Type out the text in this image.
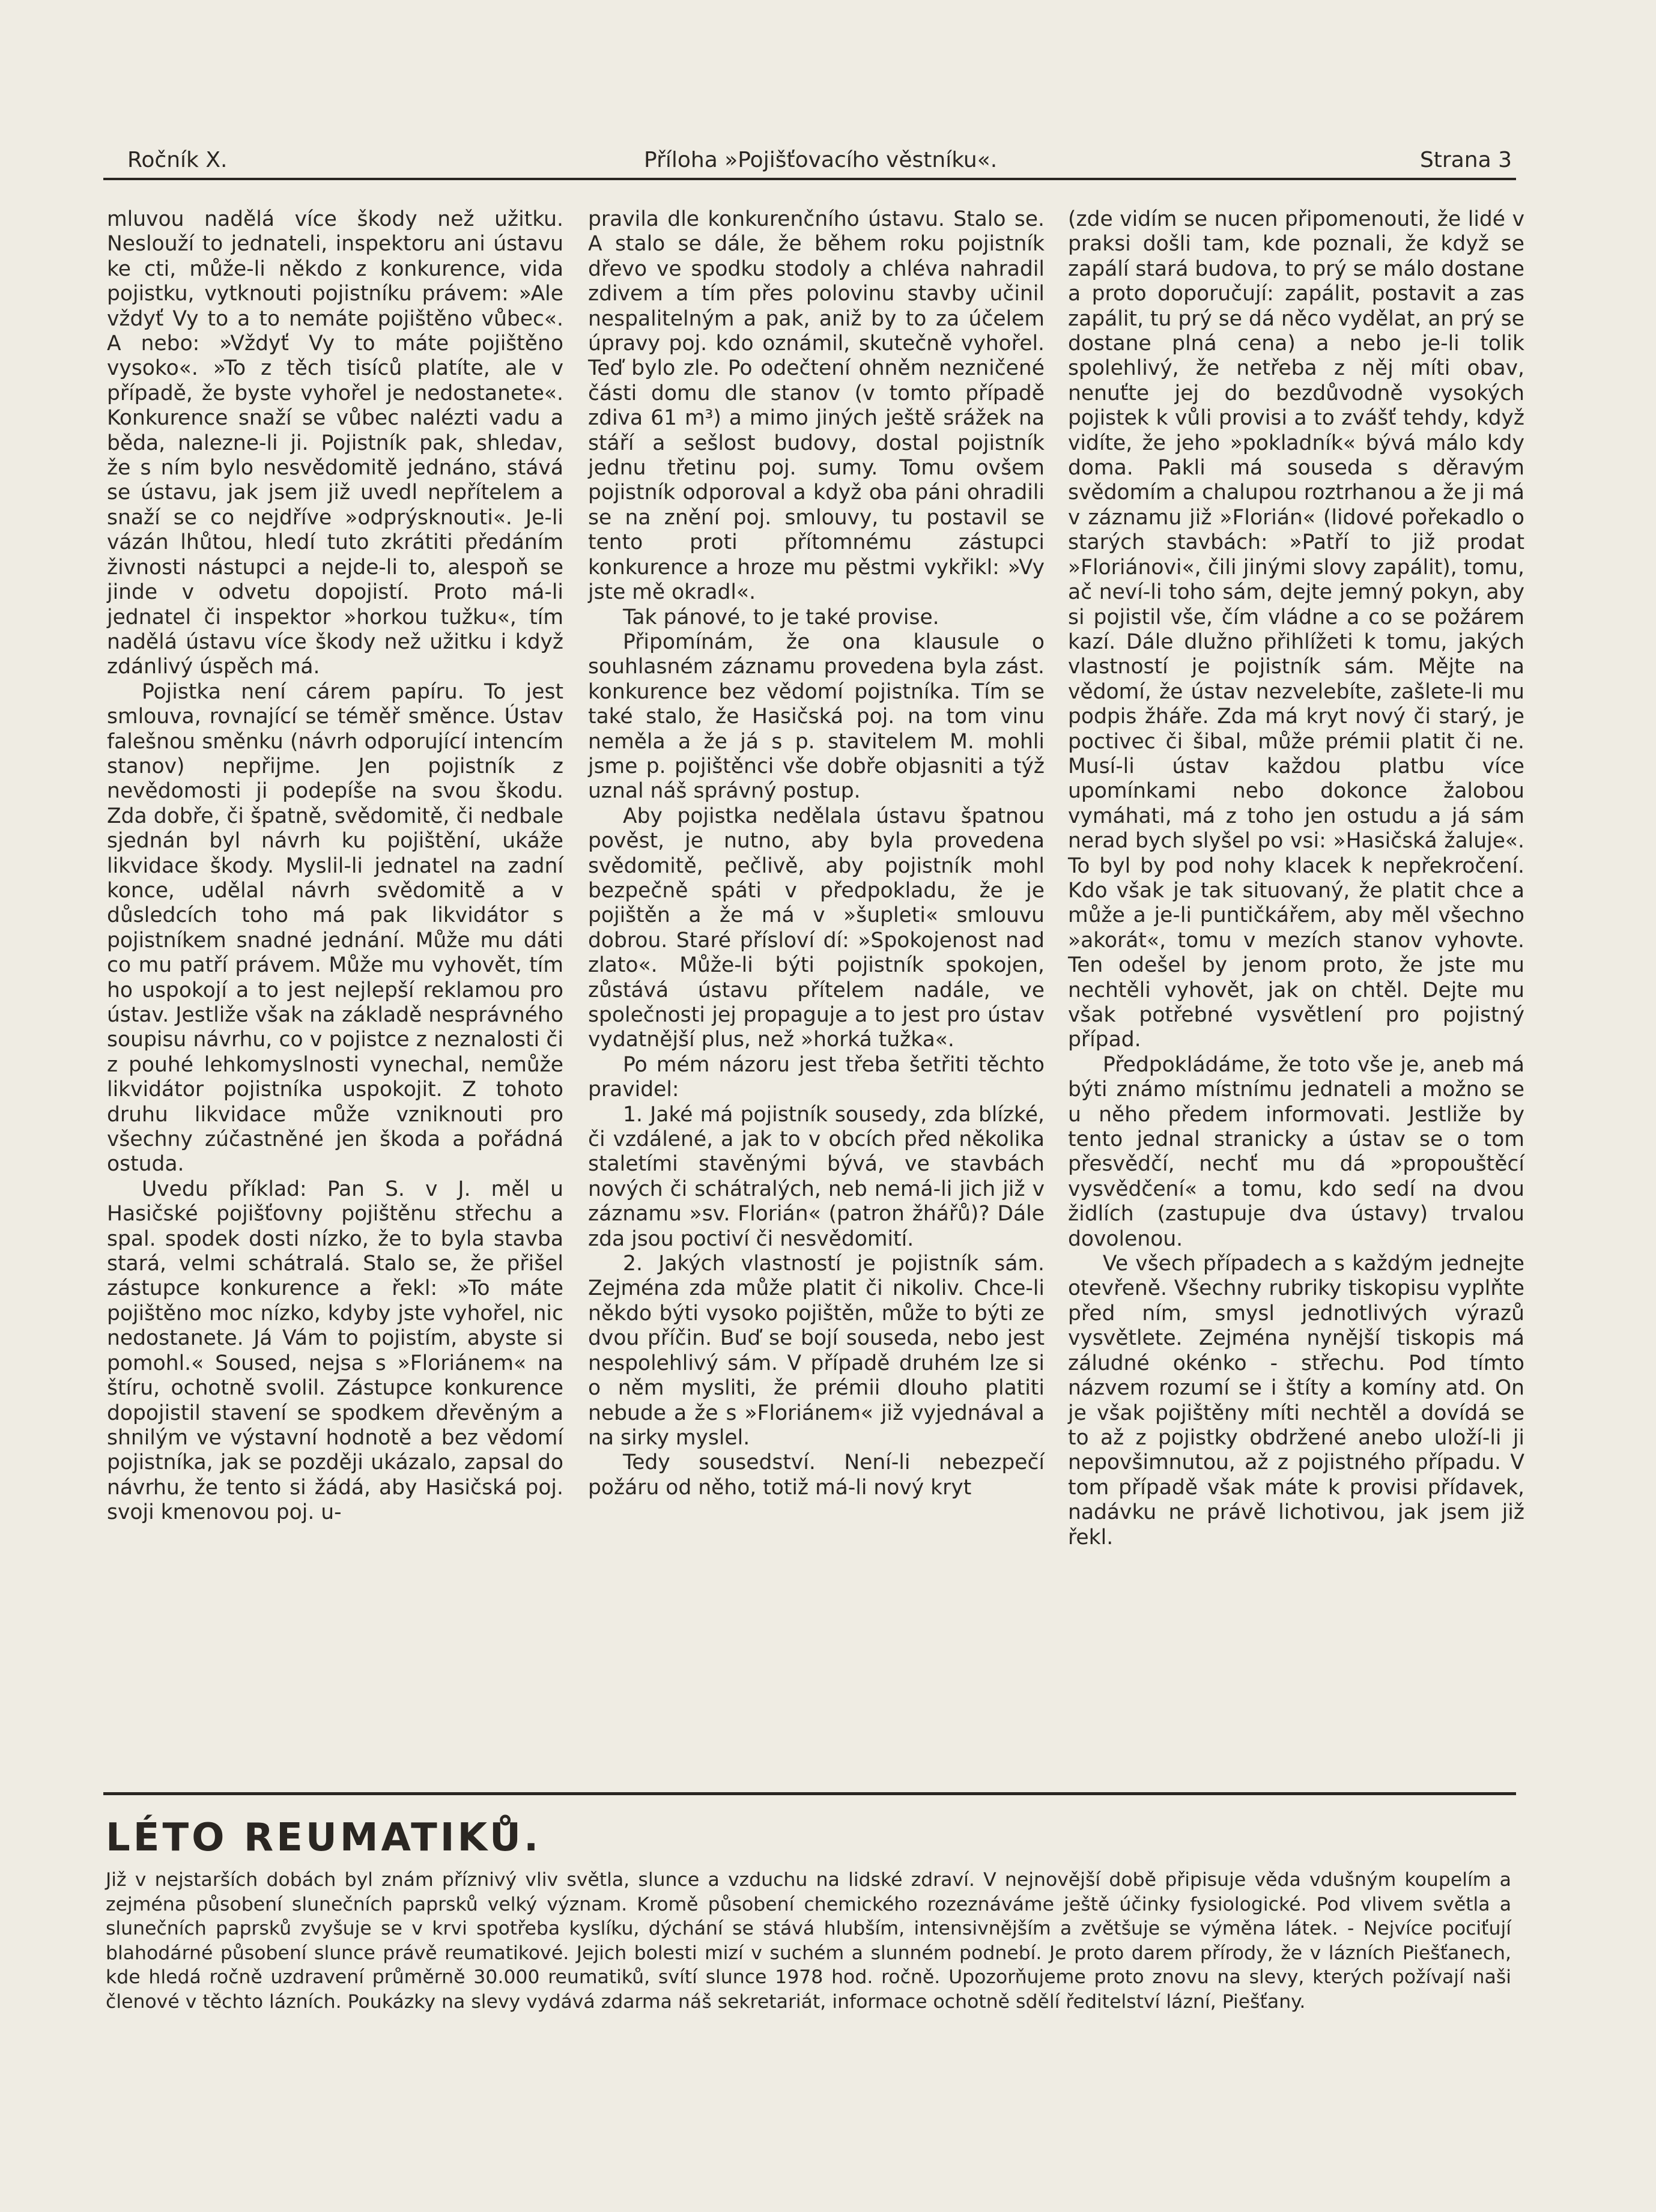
Ročník X.	Příloha »Pojišťovacího věstníku«.	Strana 3

mluvou nadělá více škody než užitku. Neslouží to jednateli, inspektoru ani ústavu ke cti, může-li někdo z konkurence, vida pojistku, vytknouti pojistníku právem: »Ale vždyť Vy to a to nemáte pojištěno vůbec«. A nebo: »Vždyť Vy to máte pojištěno vysoko«. »To z těch tisíců platíte, ale v případě, že byste vyhořel je nedostanete«. Konkurence snaží se vůbec nalézti vadu a běda, nalezne-li ji. Pojistník pak, shledav, že s ním bylo nesvědomitě jednáno, stává se ústavu, jak jsem již uvedl nepřítelem a snaží se co nejdříve »odprýsknouti«. Je-li vázán lhůtou, hledí tuto zkrátiti předáním živnosti nástupci a nejde-li to, alespoň se jinde v odvetu dopojistí. Proto má-li jednatel či inspektor »horkou tužku«, tím nadělá ústavu více škody než užitku i když zdánlivý úspěch má.

Pojistka není cárem papíru. To jest smlouva, rovnající se téměř směnce. Ústav falešnou směnku (návrh odporující intencím stanov) nepřijme. Jen pojistník z nevědomosti ji podepíše na svou škodu. Zda dobře, či špatně, svědomitě, či nedbale sjednán byl návrh ku pojištění, ukáže likvidace škody. Myslil-li jednatel na zadní konce, udělal návrh svědomitě a v důsledcích toho má pak likvidátor s pojistníkem snadné jednání. Může mu dáti co mu patří právem. Může mu vyhovět, tím ho uspokojí a to jest nejlepší reklamou pro ústav. Jestliže však na základě nesprávného soupisu návrhu, co v pojistce z neznalosti či z pouhé lehkomyslnosti vynechal, nemůže likvidátor pojistníka uspokojit. Z tohoto druhu likvidace může vzniknouti pro všechny zúčastněné jen škoda a pořádná ostuda.

Uvedu příklad: Pan S. v J. měl u Hasičské pojišťovny pojištěnu střechu a spal. spodek dosti nízko, že to byla stavba stará, velmi schátralá. Stalo se, že přišel zástupce konkurence a řekl: »To máte pojištěno moc nízko, kdyby jste vyhořel, nic nedostanete. Já Vám to pojistím, abyste si pomohl.« Soused, nejsa s »Floriánem« na štíru, ochotně svolil. Zástupce konkurence dopojistil stavení se spodkem dřevěným a shnilým ve výstavní hodnotě a bez vědomí pojistníka, jak se později ukázalo, zapsal do návrhu, že tento si žádá, aby Hasičská poj. svoji kmenovou poj. u-

pravila dle konkurenčního ústavu. Stalo se. A stalo se dále, že během roku pojistník dřevo ve spodku stodoly a chléva nahradil zdivem a tím přes polovinu stavby učinil nespalitelným a pak, aniž by to za účelem úpravy poj. kdo oznámil, skutečně vyhořel. Teď bylo zle. Po odečtení ohněm nezničené části domu dle stanov (v tomto případě zdiva 61 m³) a mimo jiných ještě srážek na stáří a sešlost budovy, dostal pojistník jednu třetinu poj. sumy. Tomu ovšem pojistník odporoval a když oba páni ohradili se na znění poj. smlouvy, tu postavil se tento proti přítomnému zástupci konkurence a hroze mu pěstmi vykřikl: »Vy jste mě okradl«.

Tak pánové, to je také provise.

Připomínám, že ona klausule o souhlasném záznamu provedena byla zást. konkurence bez vědomí pojistníka. Tím se také stalo, že Hasičská poj. na tom vinu neměla a že já s p. stavitelem M. mohli jsme p. pojištěnci vše dobře objasniti a týž uznal náš správný postup.

Aby pojistka nedělala ústavu špatnou pověst, je nutno, aby byla provedena svědomitě, pečlivě, aby pojistník mohl bezpečně spáti v předpokladu, že je pojištěn a že má v »šupleti« smlouvu dobrou. Staré přísloví dí: »Spokojenost nad zlato«. Může-li býti pojistník spokojen, zůstává ústavu přítelem nadále, ve společnosti jej propaguje a to jest pro ústav vydatnější plus, než »horká tužka«.

Po mém názoru jest třeba šetřiti těchto pravidel:

1. Jaké má pojistník sousedy, zda blízké, či vzdálené, a jak to v obcích před několika staletími stavěnými bývá, ve stavbách nových či schátralých, neb nemá-li jich již v záznamu »sv. Florián« (patron žhářů)? Dále zda jsou poctiví či nesvědomití.

2. Jakých vlastností je pojistník sám. Zejména zda může platit či nikoliv. Chce-li někdo býti vysoko pojištěn, může to býti ze dvou příčin. Buď se bojí souseda, nebo jest nespolehlivý sám. V případě druhém lze si o něm mysliti, že prémii dlouho platiti nebude a že s »Floriánem« již vyjednával a na sirky myslel.

Tedy sousedství. Není-li nebezpečí požáru od něho, totiž má-li nový kryt

(zde vidím se nucen připomenouti, že lidé v praksi došli tam, kde poznali, že když se zapálí stará budova, to prý se málo dostane a proto doporučují: zapálit, postavit a zas zapálit, tu prý se dá něco vydělat, an prý se dostane plná cena) a nebo je-li tolik spolehlivý, že netřeba z něj míti obav, nenuťte jej do bezdůvodně vysokých pojistek k vůli provisi a to zvášť tehdy, když vidíte, že jeho »pokladník« bývá málo kdy doma. Pakli má souseda s děravým svědomím a chalupou roztrhanou a že ji má v záznamu již »Florián« (lidové pořekadlo o starých stavbách: »Patří to již prodat »Floriánovi«, čili jinými slovy zapálit), tomu, ač neví-li toho sám, dejte jemný pokyn, aby si pojistil vše, čím vládne a co se požárem kazí. Dále dlužno přihlížeti k tomu, jakých vlastností je pojistník sám. Mějte na vědomí, že ústav nezvelebíte, zašlete-li mu podpis žháře. Zda má kryt nový či starý, je poctivec či šibal, může prémii platit či ne. Musí-li ústav každou platbu více upomínkami nebo dokonce žalobou vymáhati, má z toho jen ostudu a já sám nerad bych slyšel po vsi: »Hasičská žaluje«. To byl by pod nohy klacek k nepřekročení. Kdo však je tak situovaný, že platit chce a může a je-li puntičkářem, aby měl všechno »akorát«, tomu v mezích stanov vyhovte. Ten odešel by jenom proto, že jste mu nechtěli vyhovět, jak on chtěl. Dejte mu však potřebné vysvětlení pro pojistný případ.

Předpokládáme, že toto vše je, aneb má býti známo místnímu jednateli a možno se u něho předem informovati. Jestliže by tento jednal stranicky a ústav se o tom přesvědčí, nechť mu dá »propouštěcí vysvědčení« a tomu, kdo sedí na dvou židlích (zastupuje dva ústavy) trvalou dovolenou.

Ve všech případech a s každým jednejte otevřeně. Všechny rubriky tiskopisu vyplňte před ním, smysl jednotlivých výrazů vysvětlete. Zejména nynější tiskopis má záludné okénko - střechu. Pod tímto názvem rozumí se i štíty a komíny atd. On je však pojištěny míti nechtěl a dovídá se to až z pojistky obdržené anebo uloží-li ji nepovšimnutou, až z pojistného případu. V tom případě však máte k provisi přídavek, nadávku ne právě lichotivou, jak jsem již řekl.

LÉTO REUMATIKŮ.

Již v nejstarších dobách byl znám příznivý vliv světla, slunce a vzduchu na lidské zdraví. V nejnovější době připisuje věda vdušným koupelím a zejména působení slunečních paprsků velký význam. Kromě působení chemického rozeznáváme ještě účinky fysiologické. Pod vlivem světla a slunečních paprsků zvyšuje se v krvi spotřeba kyslíku, dýchání se stává hlubším, intensivnějším a zvětšuje se výměna látek. - Nejvíce pociťují blahodárné působení slunce právě reumatikové. Jejich bolesti mizí v suchém a slunném podnebí. Je proto darem přírody, že v lázních Piešťanech, kde hledá ročně uzdravení průměrně 30.000 reumatiků, svítí slunce 1978 hod. ročně. Upozorňujeme proto znovu na slevy, kterých požívají naši členové v těchto lázních. Poukázky na slevy vydává zdarma náš sekretariát, informace ochotně sdělí ředitelství lázní, Piešťany.
